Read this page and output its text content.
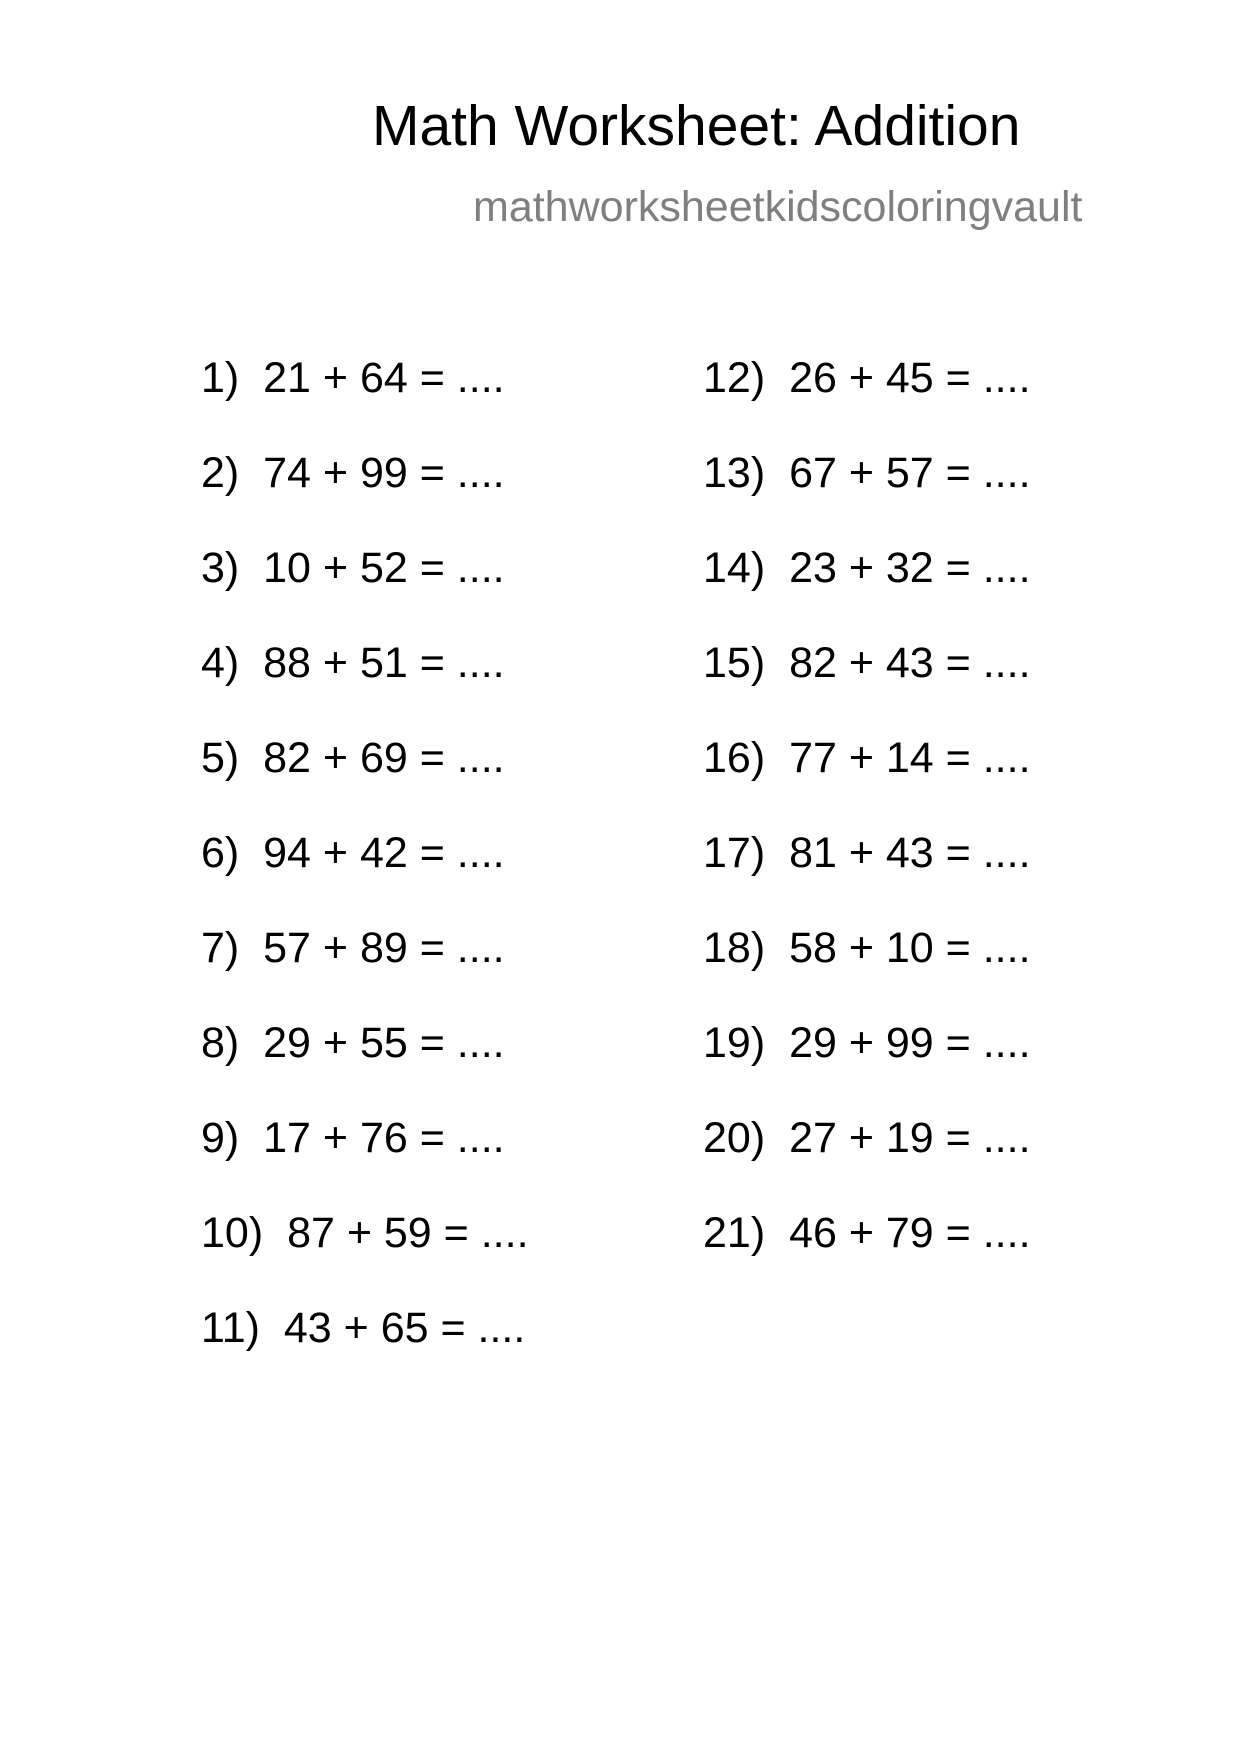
Math Worksheet: Addition
mathworksheetkidscoloringvault
1) 21 + 64 = ....
2) 74 + 99 = ....
3) 10 + 52 = ....
4) 88 + 51 = ....
5) 82 + 69 = ....
6) 94 + 42 = ....
7) 57 + 89 = ....
8) 29 + 55 = ....
9) 17 + 76 = ....
10) 87 + 59 = ....
11) 43 + 65 = ....
12) 26 + 45 = ....
13) 67 + 57 = ....
14) 23 + 32 = ....
15) 82 + 43 = ....
16) 77 + 14 = ....
17) 81 + 43 = ....
18) 58 + 10 = ....
19) 29 + 99 = ....
20) 27 + 19 = ....
21) 46 + 79 = ....
